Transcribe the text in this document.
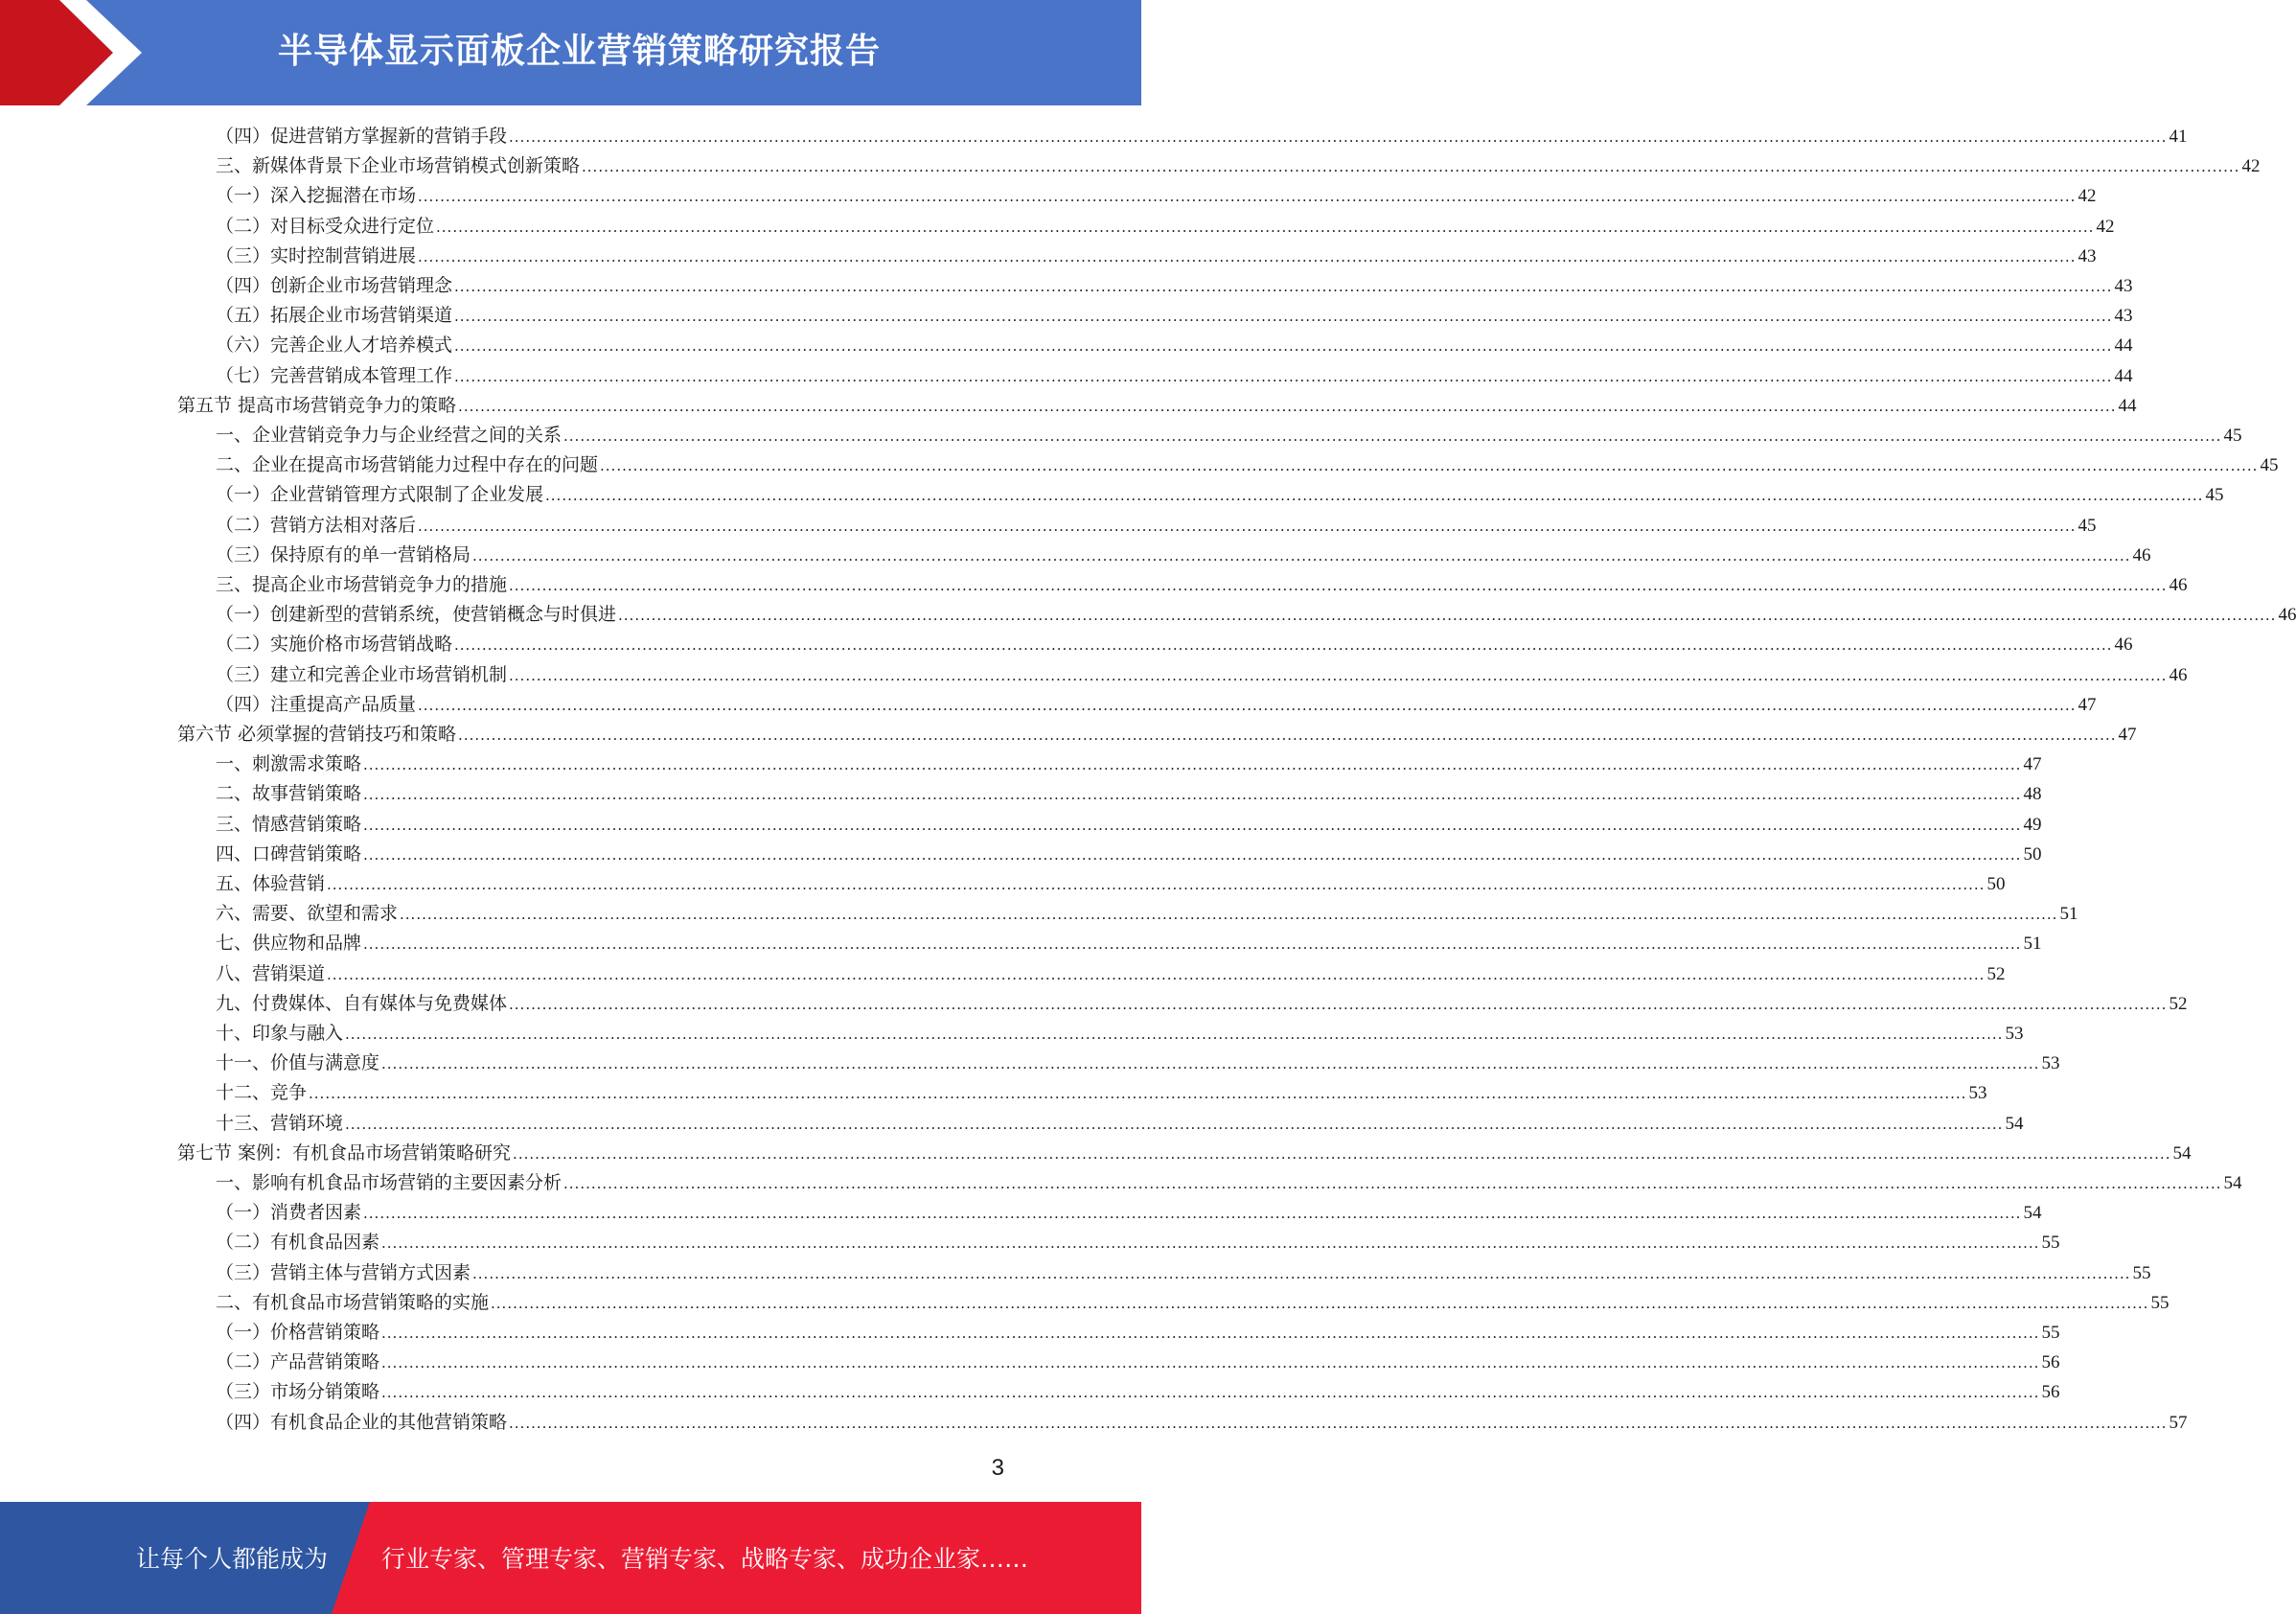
半导体显示面板企业营销策略研究报告
（四）促进营销方掌握新的营销手段 ............................................................................................................................................................................................................................................................................................................ 41
三、新媒体背景下企业市场营销模式创新策略 ............................................................................................................................................................................................................................................................................................................ 42
（一）深入挖掘潜在市场 ............................................................................................................................................................................................................................................................................................................ 42
（二）对目标受众进行定位 ............................................................................................................................................................................................................................................................................................................ 42
（三）实时控制营销进展 ............................................................................................................................................................................................................................................................................................................ 43
（四）创新企业市场营销理念 ............................................................................................................................................................................................................................................................................................................ 43
（五）拓展企业市场营销渠道 ............................................................................................................................................................................................................................................................................................................ 43
（六）完善企业人才培养模式 ............................................................................................................................................................................................................................................................................................................ 44
（七）完善营销成本管理工作 ............................................................................................................................................................................................................................................................................................................ 44
第五节 提高市场营销竞争力的策略 ............................................................................................................................................................................................................................................................................................................ 44
一、企业营销竞争力与企业经营之间的关系 ............................................................................................................................................................................................................................................................................................................ 45
二、企业在提高市场营销能力过程中存在的问题 ............................................................................................................................................................................................................................................................................................................ 45
（一）企业营销管理方式限制了企业发展 ............................................................................................................................................................................................................................................................................................................ 45
（二）营销方法相对落后 ............................................................................................................................................................................................................................................................................................................ 45
（三）保持原有的单一营销格局 ............................................................................................................................................................................................................................................................................................................ 46
三、提高企业市场营销竞争力的措施 ............................................................................................................................................................................................................................................................................................................ 46
（一）创建新型的营销系统，使营销概念与时俱进 ............................................................................................................................................................................................................................................................................................................ 46
（二）实施价格市场营销战略 ............................................................................................................................................................................................................................................................................................................ 46
（三）建立和完善企业市场营销机制 ............................................................................................................................................................................................................................................................................................................ 46
（四）注重提高产品质量 ............................................................................................................................................................................................................................................................................................................ 47
第六节 必须掌握的营销技巧和策略 ............................................................................................................................................................................................................................................................................................................ 47
一、刺激需求策略 ............................................................................................................................................................................................................................................................................................................ 47
二、故事营销策略 ............................................................................................................................................................................................................................................................................................................ 48
三、情感营销策略 ............................................................................................................................................................................................................................................................................................................ 49
四、口碑营销策略 ............................................................................................................................................................................................................................................................................................................ 50
五、体验营销 ............................................................................................................................................................................................................................................................................................................ 50
六、需要、欲望和需求 ............................................................................................................................................................................................................................................................................................................ 51
七、供应物和品牌 ............................................................................................................................................................................................................................................................................................................ 51
八、营销渠道 ............................................................................................................................................................................................................................................................................................................ 52
九、付费媒体、自有媒体与免费媒体 ............................................................................................................................................................................................................................................................................................................ 52
十、印象与融入 ............................................................................................................................................................................................................................................................................................................ 53
十一、价值与满意度 ............................................................................................................................................................................................................................................................................................................ 53
十二、竞争 ............................................................................................................................................................................................................................................................................................................ 53
十三、营销环境 ............................................................................................................................................................................................................................................................................................................ 54
第七节 案例：有机食品市场营销策略研究 ............................................................................................................................................................................................................................................................................................................ 54
一、影响有机食品市场营销的主要因素分析 ............................................................................................................................................................................................................................................................................................................ 54
（一）消费者因素 ............................................................................................................................................................................................................................................................................................................ 54
（二）有机食品因素 ............................................................................................................................................................................................................................................................................................................ 55
（三）营销主体与营销方式因素 ............................................................................................................................................................................................................................................................................................................ 55
二、有机食品市场营销策略的实施 ............................................................................................................................................................................................................................................................................................................ 55
（一）价格营销策略 ............................................................................................................................................................................................................................................................................................................ 55
（二）产品营销策略 ............................................................................................................................................................................................................................................................................................................ 56
（三）市场分销策略 ............................................................................................................................................................................................................................................................................................................ 56
（四）有机食品企业的其他营销策略 ............................................................................................................................................................................................................................................................................................................ 57
3
让每个人都能成为 行业专家、管理专家、营销专家、战略专家、成功企业家……
